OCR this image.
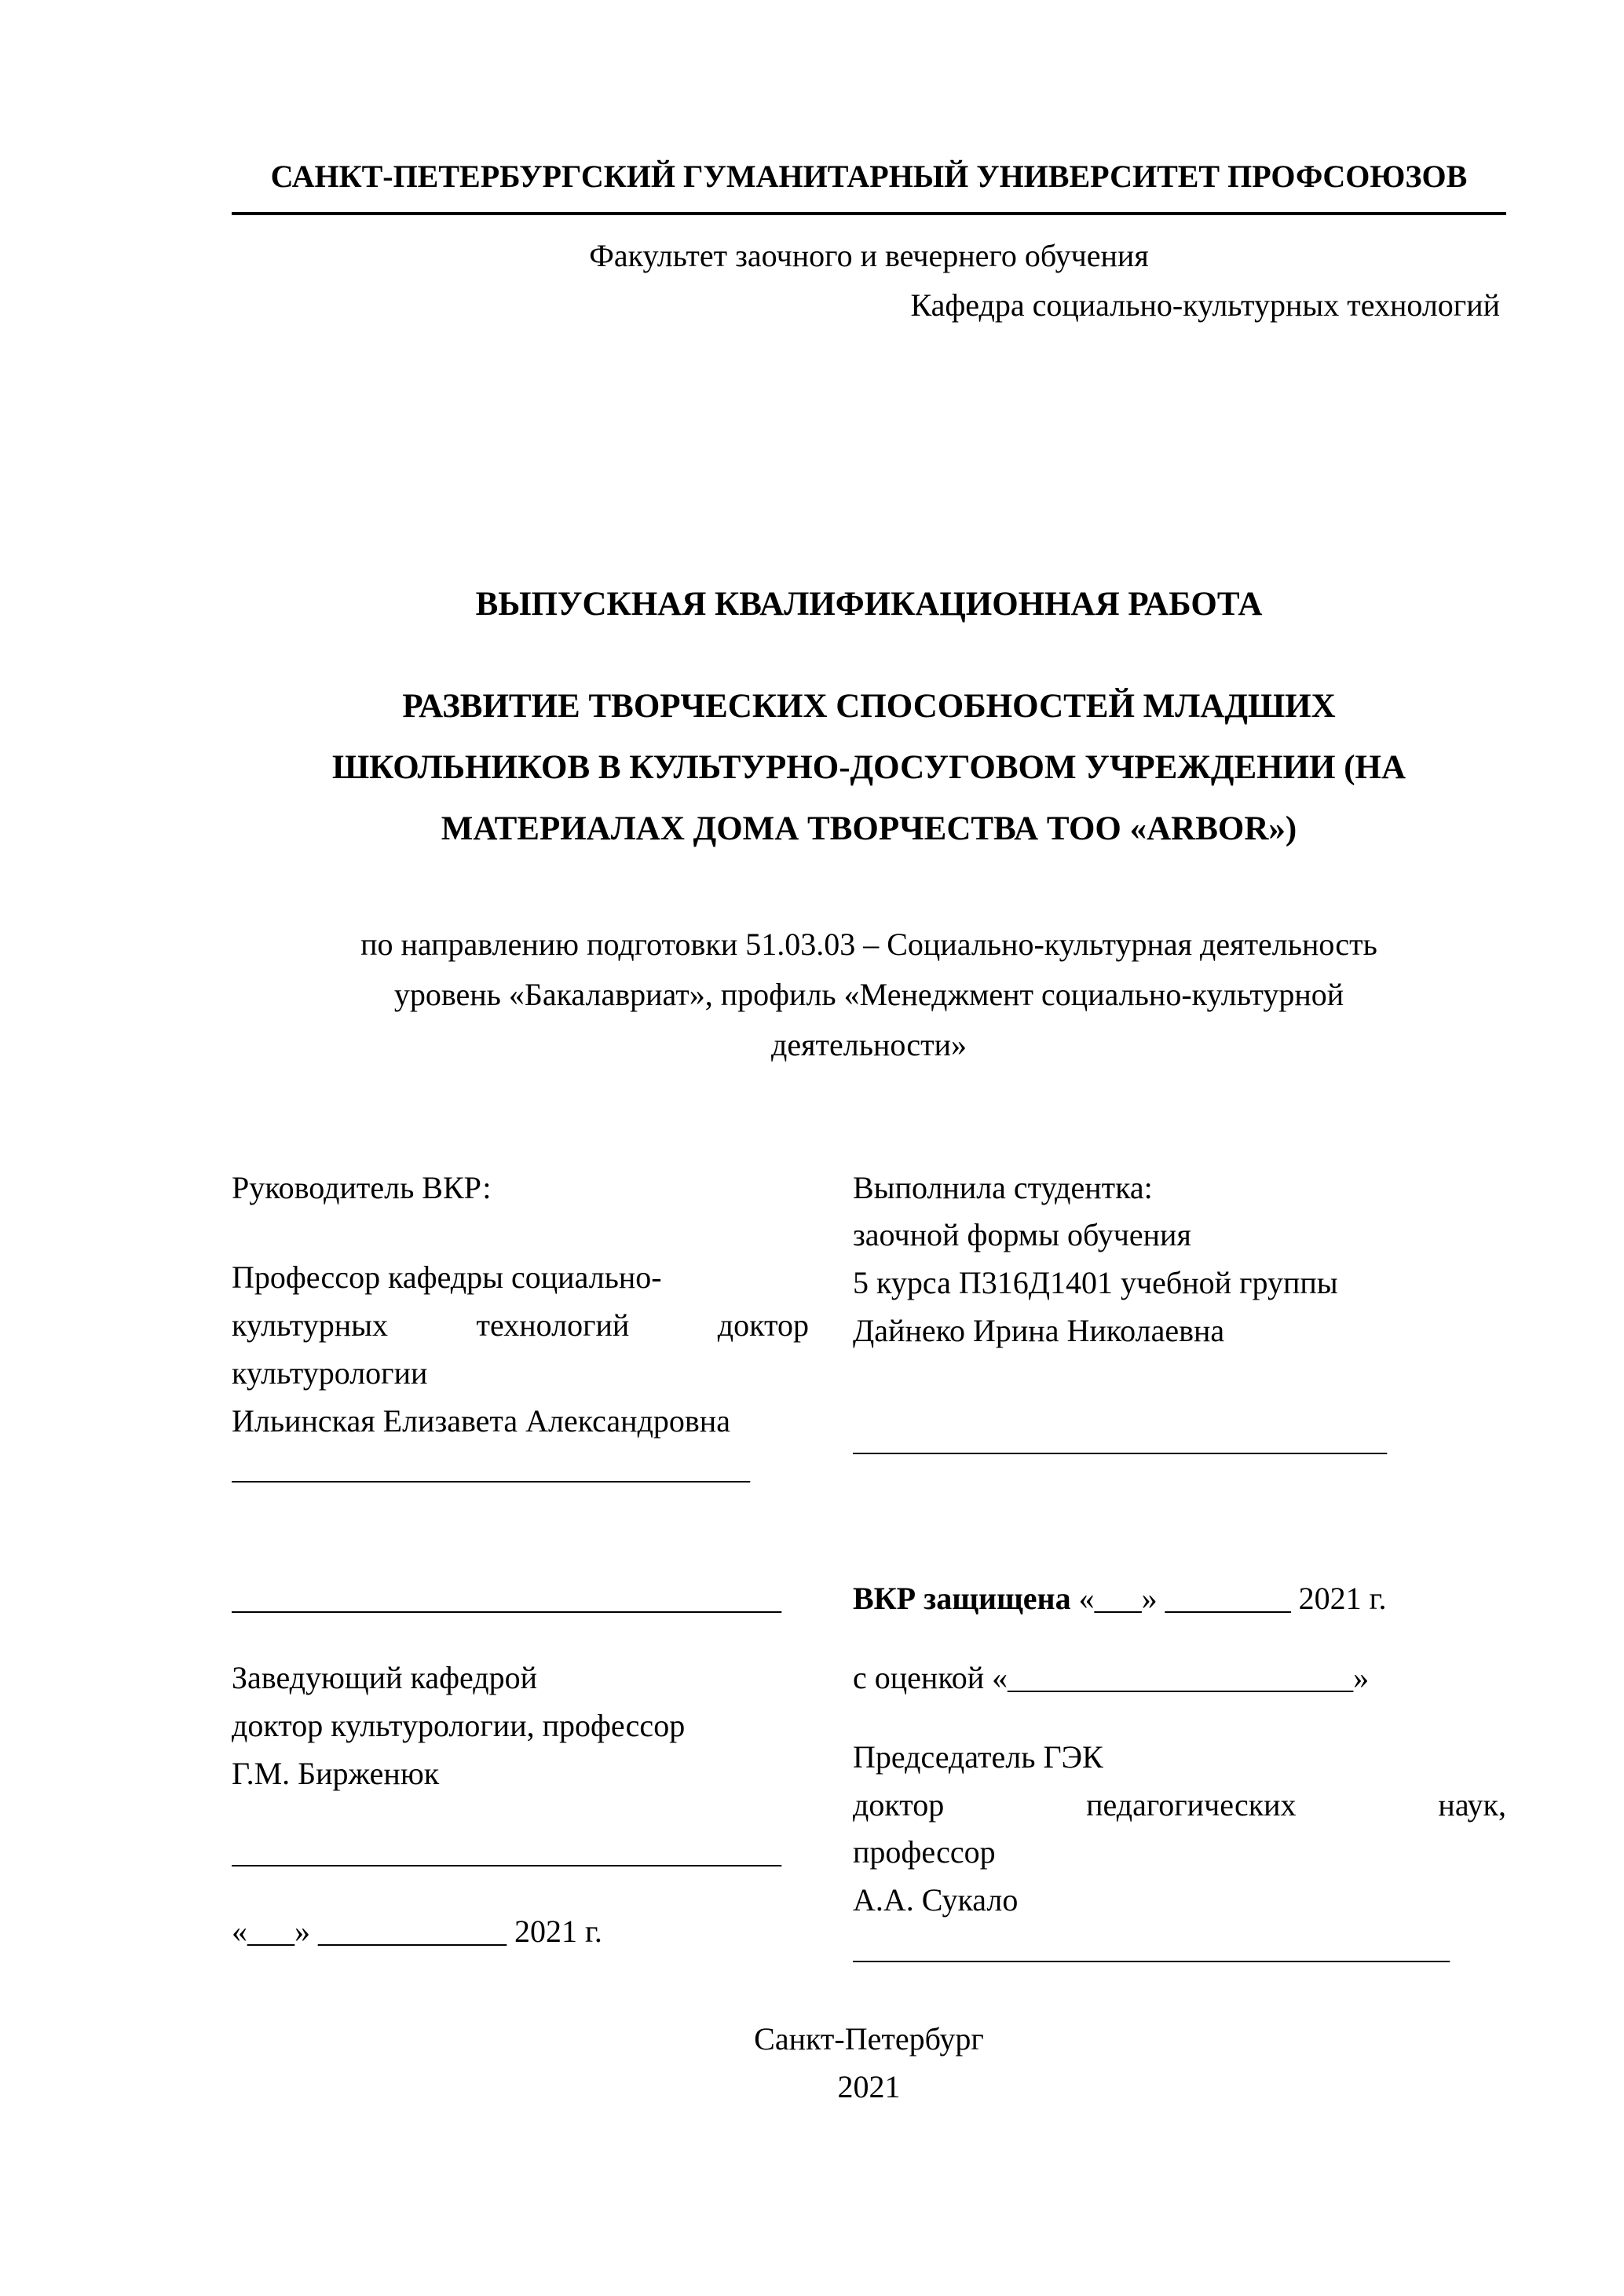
САНКТ-ПЕТЕРБУРГСКИЙ ГУМАНИТАРНЫЙ УНИВЕРСИТЕТ ПРОФСОЮЗОВ
Факультет заочного и вечернего обучения
Кафедра социально-культурных технологий
ВЫПУСКНАЯ КВАЛИФИКАЦИОННАЯ РАБОТА
РАЗВИТИЕ ТВОРЧЕСКИХ СПОСОБНОСТЕЙ МЛАДШИХ
ШКОЛЬНИКОВ В КУЛЬТУРНО-ДОСУГОВОМ УЧРЕЖДЕНИИ (НА
МАТЕРИАЛАХ ДОМА ТВОРЧЕСТВА ТОО «ARBOR»)
по направлению подготовки 51.03.03 – Социально-культурная деятельность
уровень «Бакалавриат», профиль «Менеджмент социально-культурной
деятельности»
Руководитель ВКР:
Профессор кафедры социально-
культурных технологий доктор
культурологии
Ильинская Елизавета Александровна
_________________________________
Выполнила студентка:
заочной формы обучения
5 курса П316Д1401 учебной группы
Дайнеко Ирина Николаевна
__________________________________
___________________________________
Заведующий кафедрой
доктор культурологии, профессор
Г.М. Бирженюк
___________________________________
«___» ____________ 2021 г.
ВКР защищена «___» ________ 2021 г.
с оценкой «______________________»
Председатель ГЭК
доктор педагогических наук,
профессор
А.А. Сукало
______________________________________
Санкт-Петербург
2021
